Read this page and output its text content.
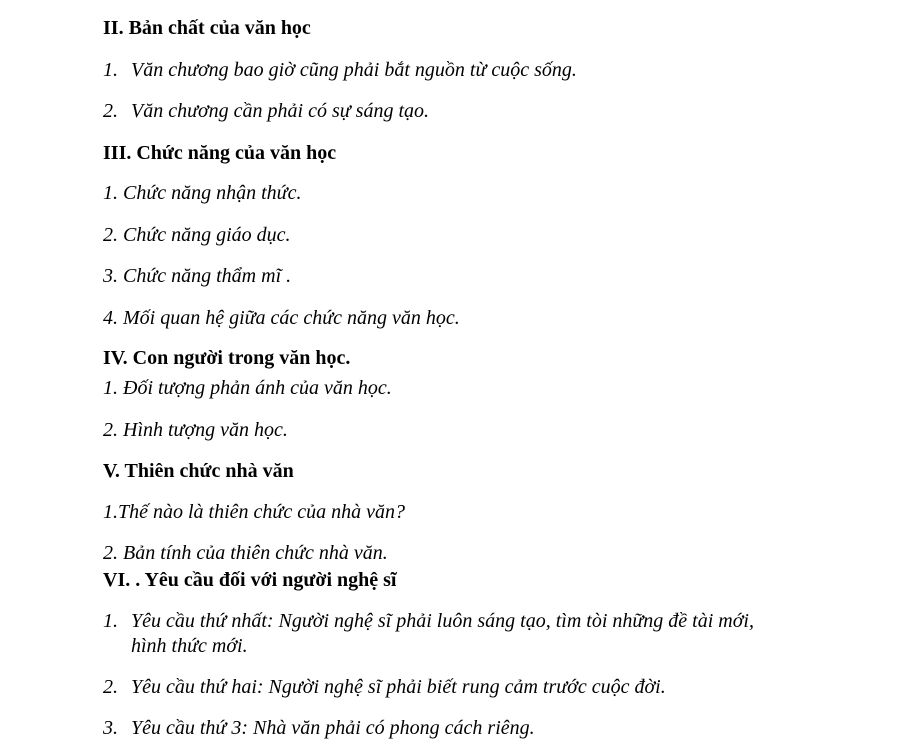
II. Bản chất của văn học
1. Văn chương bao giờ cũng phải bắt nguồn từ cuộc sống.
2. Văn chương cần phải có sự sáng tạo.
III. Chức năng của văn học
1. Chức năng nhận thức.
2. Chức năng giáo dục.
3. Chức năng thẩm mĩ .
4. Mối quan hệ giữa các chức năng văn học.
IV. Con người trong văn học.
1. Đối tượng phản ánh của văn học.
2. Hình tượng văn học.
V. Thiên chức nhà văn
1.Thế nào là thiên chức của nhà văn?
2. Bản tính của thiên chức nhà văn.
VI. . Yêu cầu đối với người nghệ sĩ
1. Yêu cầu thứ nhất: Người nghệ sĩ phải luôn sáng tạo, tìm tòi những đề tài mới,
hình thức mới.
2. Yêu cầu thứ hai: Người nghệ sĩ phải biết rung cảm trước cuộc đời.
3. Yêu cầu thứ 3: Nhà văn phải có phong cách riêng.
